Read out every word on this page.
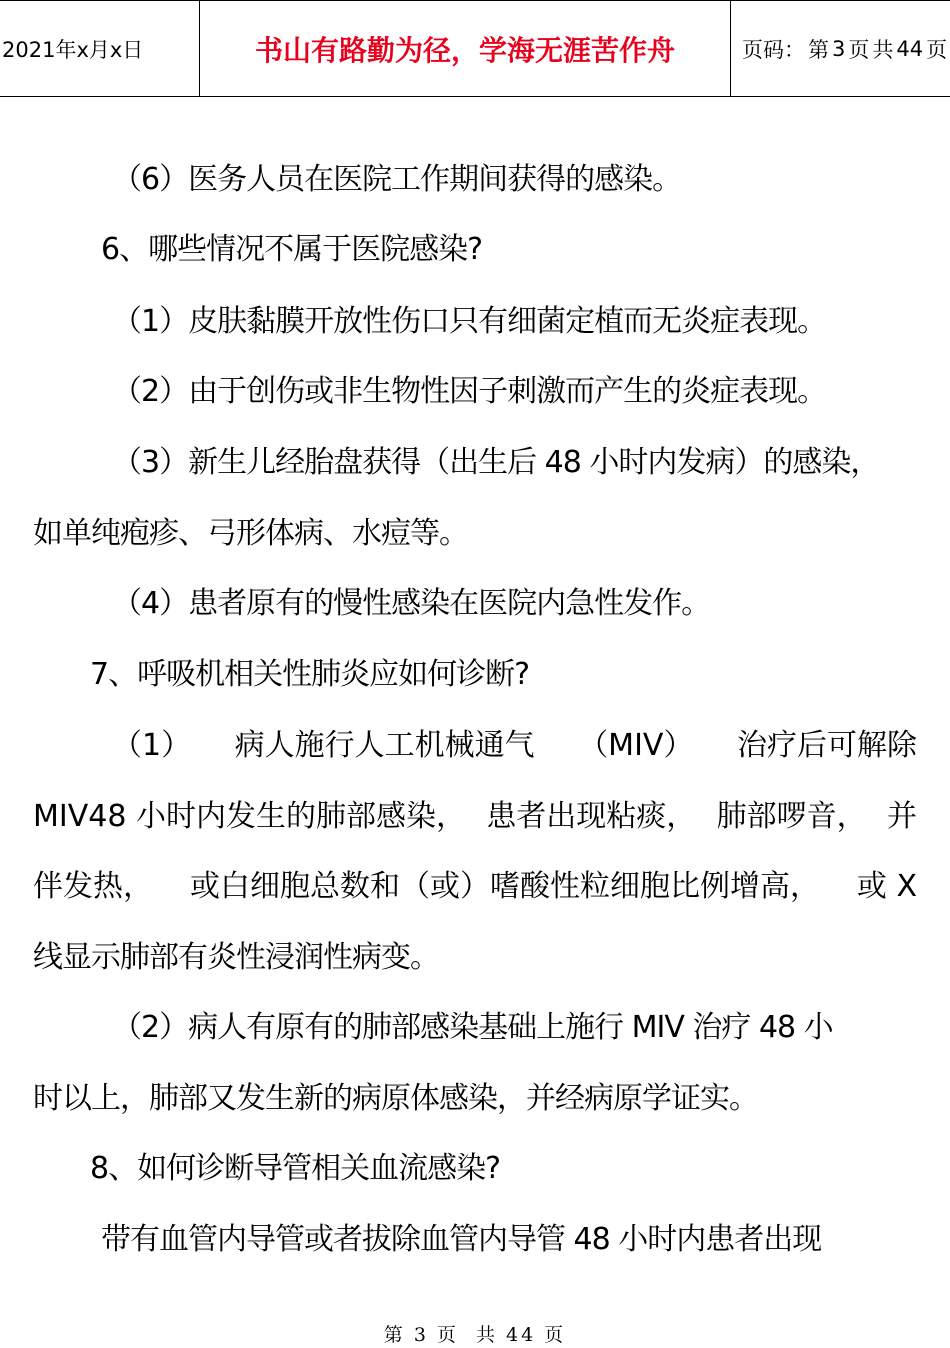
2021年x月x日	书山有路勤为径，学海无涯苦作舟	页码： 第 3 页 共 44 页
（6）医务人员在医院工作期间获得的感染。
6、哪些情况不属于医院感染?
（1）皮肤黏膜开放性伤口只有细菌定植而无炎症表现。
（2）由于创伤或非生物性因子刺激而产生的炎症表现。
（3）新生儿经胎盘获得（出生后 48 小时内发病）的感染，
如单纯疱疹、弓形体病、水痘等。
（4）患者原有的慢性感染在医院内急性发作。
7、呼吸机相关性肺炎应如何诊断?
（1） 病人施行人工机械通气 （MIV） 治疗后可解除
MIV48 小时内发生的肺部感染， 患者出现粘痰， 肺部啰音， 并
伴发热， 或白细胞总数和（或）嗜酸性粒细胞比例增高， 或 X
线显示肺部有炎性浸润性病变。
（2）病人有原有的肺部感染基础上施行 MIV 治疗 48 小
时以上，肺部又发生新的病原体感染，并经病原学证实。
8、如何诊断导管相关血流感染?
带有血管内导管或者拔除血管内导管 48 小时内患者出现
第 3 页 共 44 页
